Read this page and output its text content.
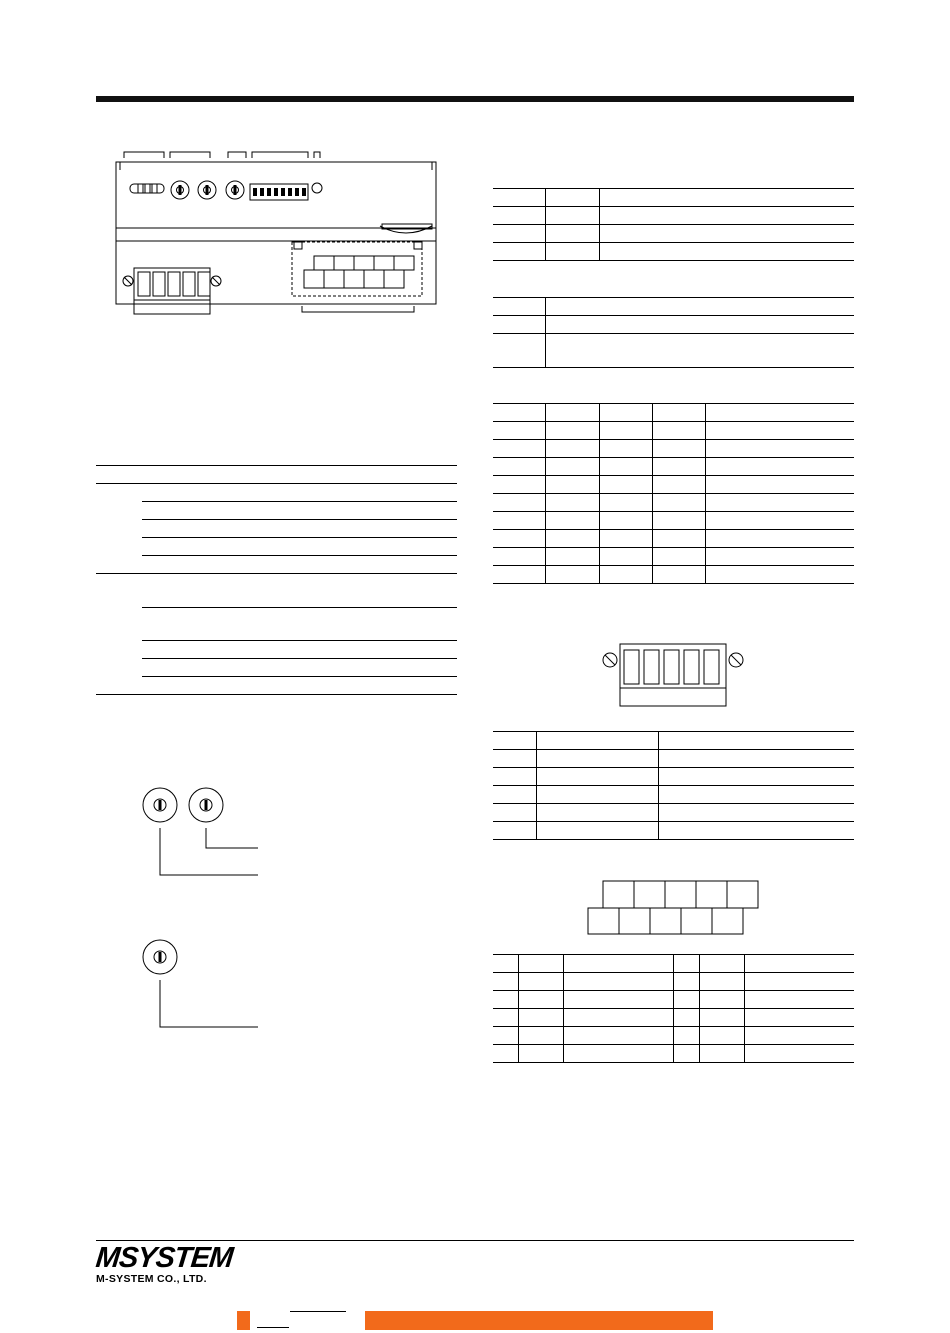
MSYSTEM
M-SYSTEM CO., LTD.
